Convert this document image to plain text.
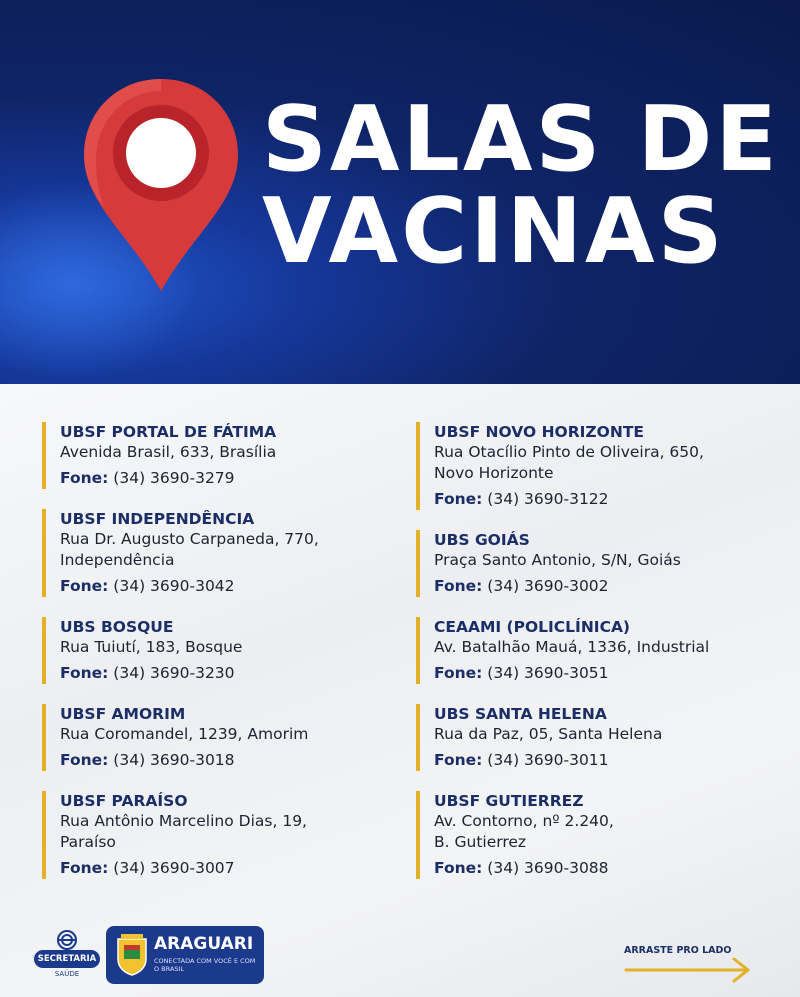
SALAS DE
VACINAS
UBSF PORTAL DE FÁTIMA
Avenida Brasil, 633, Brasília
Fone: (34) 3690-3279
UBSF INDEPENDÊNCIA
Rua Dr. Augusto Carpaneda, 770,
Independência
Fone: (34) 3690-3042
UBS BOSQUE
Rua Tuiutí, 183, Bosque
Fone: (34) 3690-3230
UBSF AMORIM
Rua Coromandel, 1239, Amorim
Fone: (34) 3690-3018
UBSF PARAÍSO
Rua Antônio Marcelino Dias, 19,
Paraíso
Fone: (34) 3690-3007
UBSF NOVO HORIZONTE
Rua Otacílio Pinto de Oliveira, 650,
Novo Horizonte
Fone: (34) 3690-3122
UBS GOIÁS
Praça Santo Antonio, S/N, Goiás
Fone: (34) 3690-3002
CEAAMI (POLICLÍNICA)
Av. Batalhão Mauá, 1336, Industrial
Fone: (34) 3690-3051
UBS SANTA HELENA
Rua da Paz, 05, Santa Helena
Fone: (34) 3690-3011
UBSF GUTIERREZ
Av. Contorno, nº 2.240,
B. Gutierrez
Fone: (34) 3690-3088
SECRETARIA
SAÚDE
ARAGUARI
CONECTADA COM VOCÊ E COM O BRASIL
ARRASTE PRO LADO
